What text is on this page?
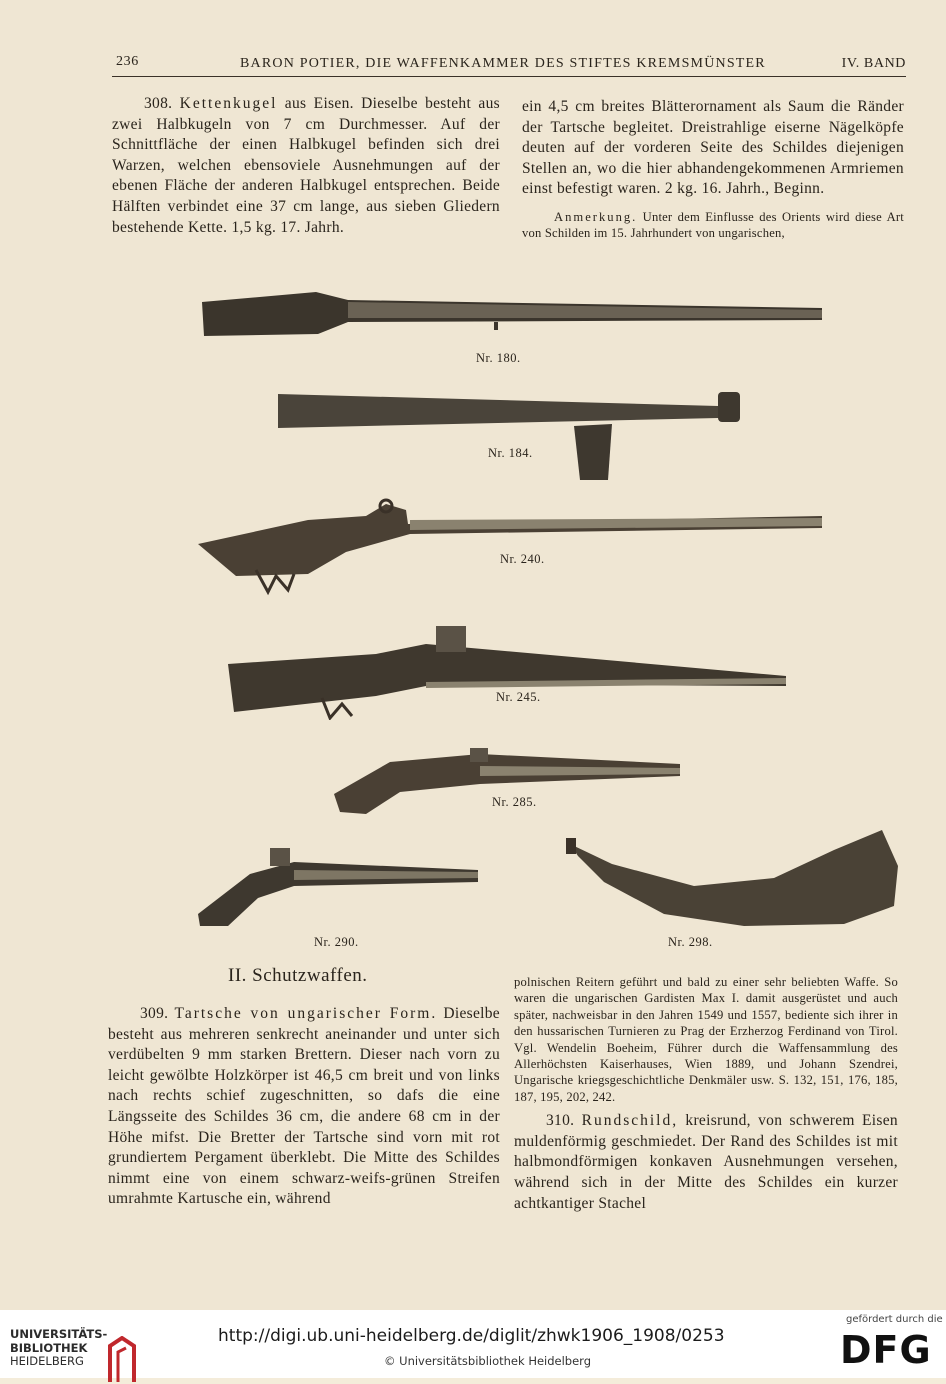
236	BARON POTIER, DIE WAFFENKAMMER DES STIFTES KREMSMÜNSTER	IV. BAND

308. Kettenkugel aus Eisen. Dieselbe besteht aus zwei Halbkugeln von 7 cm Durchmesser. Auf der Schnittfläche der einen Halbkugel befinden sich drei Warzen, welchen ebensoviele Ausnehmungen auf der ebenen Fläche der anderen Halbkugel entsprechen. Beide Hälften verbindet eine 37 cm lange, aus sieben Gliedern bestehende Kette. 1,5 kg. 17. Jahrh.

ein 4,5 cm breites Blätterornament als Saum die Ränder der Tartsche begleitet. Dreistrahlige eiserne Nägelköpfe deuten auf der vorderen Seite des Schildes diejenigen Stellen an, wo die hier abhandengekommenen Armriemen einst befestigt waren. 2 kg. 16. Jahrh., Beginn.

Anmerkung. Unter dem Einflusse des Orients wird diese Art von Schilden im 15. Jahrhundert von ungarischen,

Nr. 180.
Nr. 184.
Nr. 240.
Nr. 245.
Nr. 285.
Nr. 290.	Nr. 298.
II. Schutzwaffen.

309. Tartsche von ungarischer Form. Dieselbe besteht aus mehreren senkrecht aneinander und unter sich verdübelten 9 mm starken Brettern. Dieser nach vorn zu leicht gewölbte Holzkörper ist 46,5 cm breit und von links nach rechts schief zugeschnitten, so dafs die eine Längsseite des Schildes 36 cm, die andere 68 cm in der Höhe mifst. Die Bretter der Tartsche sind vorn mit rot grundiertem Pergament überklebt. Die Mitte des Schildes nimmt eine von einem schwarz-weifs-grünen Streifen umrahmte Kartusche ein, während

polnischen Reitern geführt und bald zu einer sehr beliebten Waffe. So waren die ungarischen Gardisten Max I. damit ausgerüstet und auch später, nachweisbar in den Jahren 1549 und 1557, bediente sich ihrer in den hussarischen Turnieren zu Prag der Erzherzog Ferdinand von Tirol. Vgl. Wendelin Boeheim, Führer durch die Waffensammlung des Allerhöchsten Kaiserhauses, Wien 1889, und Johann Szendrei, Ungarische kriegsgeschichtliche Denkmäler usw. S. 132, 151, 176, 185, 187, 195, 202, 242.

310. Rundschild, kreisrund, von schwerem Eisen muldenförmig geschmiedet. Der Rand des Schildes ist mit halbmondförmigen konkaven Ausnehmungen versehen, während sich in der Mitte des Schildes ein kurzer achtkantiger Stachel

UNIVERSITÄTS-
BIBLIOTHEK
HEIDELBERG
http://digi.ub.uni-heidelberg.de/diglit/zhwk1906_1908/0253
© Universitätsbibliothek Heidelberg
gefördert durch die
DFG
